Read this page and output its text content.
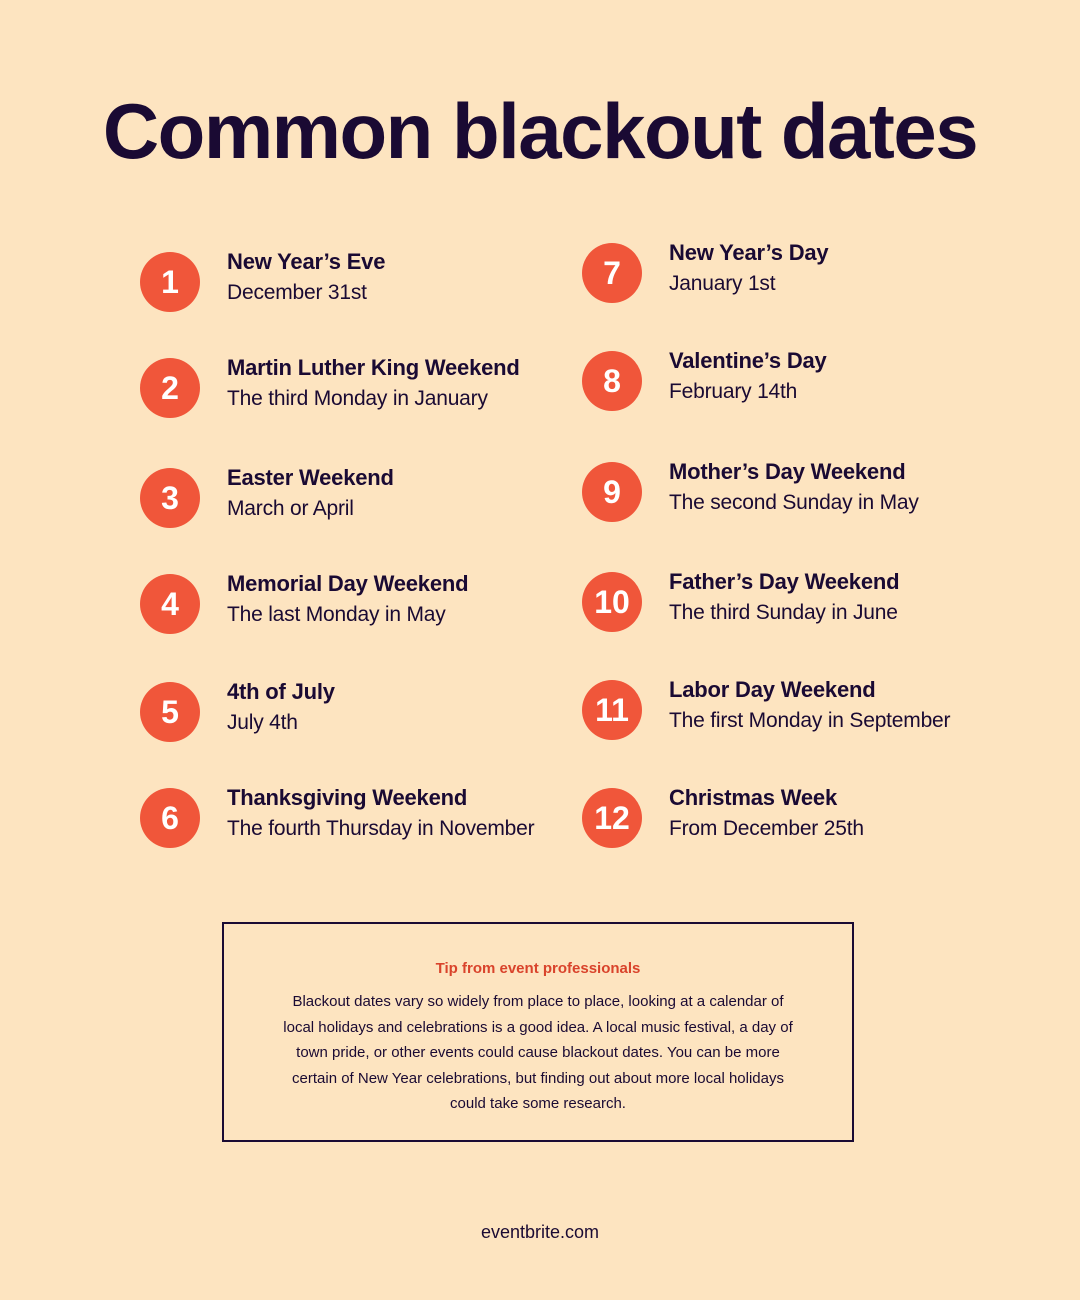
Common blackout dates
1
New Year’s Eve
December 31st
2
Martin Luther King Weekend
The third Monday in January
3
Easter Weekend
March or April
4
Memorial Day Weekend
The last Monday in May
5
4th of July
July 4th
6
Thanksgiving Weekend
The fourth Thursday in November
7
New Year’s Day
January 1st
8
Valentine’s Day
February 14th
9
Mother’s Day Weekend
The second Sunday in May
10
Father’s Day Weekend
The third Sunday in June
11
Labor Day Weekend
The first Monday in September
12
Christmas Week
From December 25th
Tip from event professionals
Blackout dates vary so widely from place to place, looking at a calendar of local holidays and celebrations is a good idea. A local music festival, a day of town pride, or other events could cause blackout dates. You can be more certain of New Year celebrations, but finding out about more local holidays could take some research.
eventbrite.com
